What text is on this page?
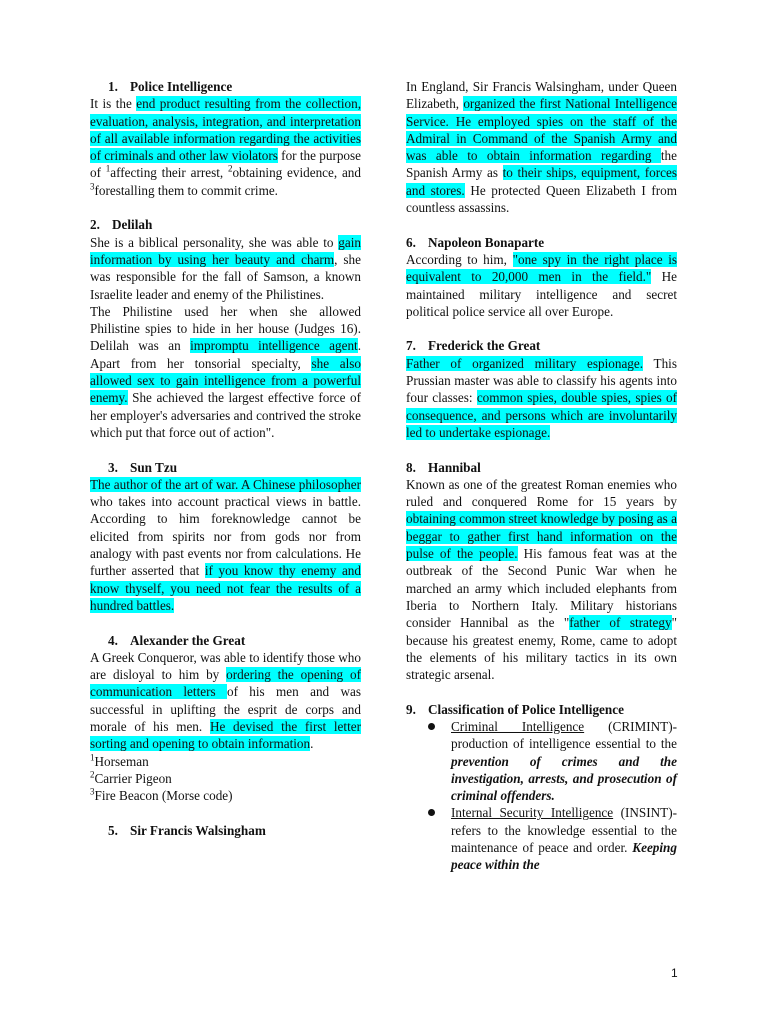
1. Police Intelligence

It is the end product resulting from the collection, evaluation, analysis, integration, and interpretation of all available information regarding the activities of criminals and other law violators for the purpose of $^1$affecting their arrest, $^2$obtaining evidence, and $^3$forestalling them to commit crime.

2. Delilah

She is a biblical personality, she was able to gain information by using her beauty and charm, she was responsible for the fall of Samson, a known Israelite leader and enemy of the Philistines.

The Philistine used her when she allowed Philistine spies to hide in her house (Judges 16). Delilah was an impromptu intelligence agent. Apart from her tonsorial specialty, she also allowed sex to gain intelligence from a powerful enemy. She achieved the largest effective force of her employer's adversaries and contrived the stroke which put that force out of action".

3. Sun Tzu

The author of the art of war. A Chinese philosopher who takes into account practical views in battle. According to him foreknowledge cannot be elicited from spirits nor from gods nor from analogy with past events nor from calculations. He further asserted that if you know thy enemy and know thyself, you need not fear the results of a hundred battles.

4. Alexander the Great

A Greek Conqueror, was able to identify those who are disloyal to him by ordering the opening of communication letters of his men and was successful in uplifting the esprit de corps and morale of his men. He devised the first letter sorting and opening to obtain information.

$^1$Horseman

$^2$Carrier Pigeon

$^3$Fire Beacon (Morse code)

5. Sir Francis Walsingham

In England, Sir Francis Walsingham, under Queen Elizabeth, organized the first National Intelligence Service. He employed spies on the staff of the Admiral in Command of the Spanish Army and was able to obtain information regarding the Spanish Army as to their ships, equipment, forces and stores. He protected Queen Elizabeth I from countless assassins.

6. Napoleon Bonaparte

According to him, "one spy in the right place is equivalent to 20,000 men in the field." He maintained military intelligence and secret political police service all over Europe.

7. Frederick the Great

Father of organized military espionage. This Prussian master was able to classify his agents into four classes: common spies, double spies, spies of consequence, and persons which are involuntarily led to undertake espionage.

8. Hannibal

Known as one of the greatest Roman enemies who ruled and conquered Rome for 15 years by obtaining common street knowledge by posing as a beggar to gather first hand information on the pulse of the people. His famous feat was at the outbreak of the Second Punic War when he marched an army which included elephants from Iberia to Northern Italy. Military historians consider Hannibal as the "father of strategy" because his greatest enemy, Rome, came to adopt the elements of his military tactics in its own strategic arsenal.

9. Classification of Police Intelligence
Criminal Intelligence (CRIMINT)- production of intelligence essential to the prevention of crimes and the investigation, arrests, and prosecution of criminal offenders.
Internal Security Intelligence (INSINT)- refers to the knowledge essential to the maintenance of peace and order. Keeping peace within the
1
